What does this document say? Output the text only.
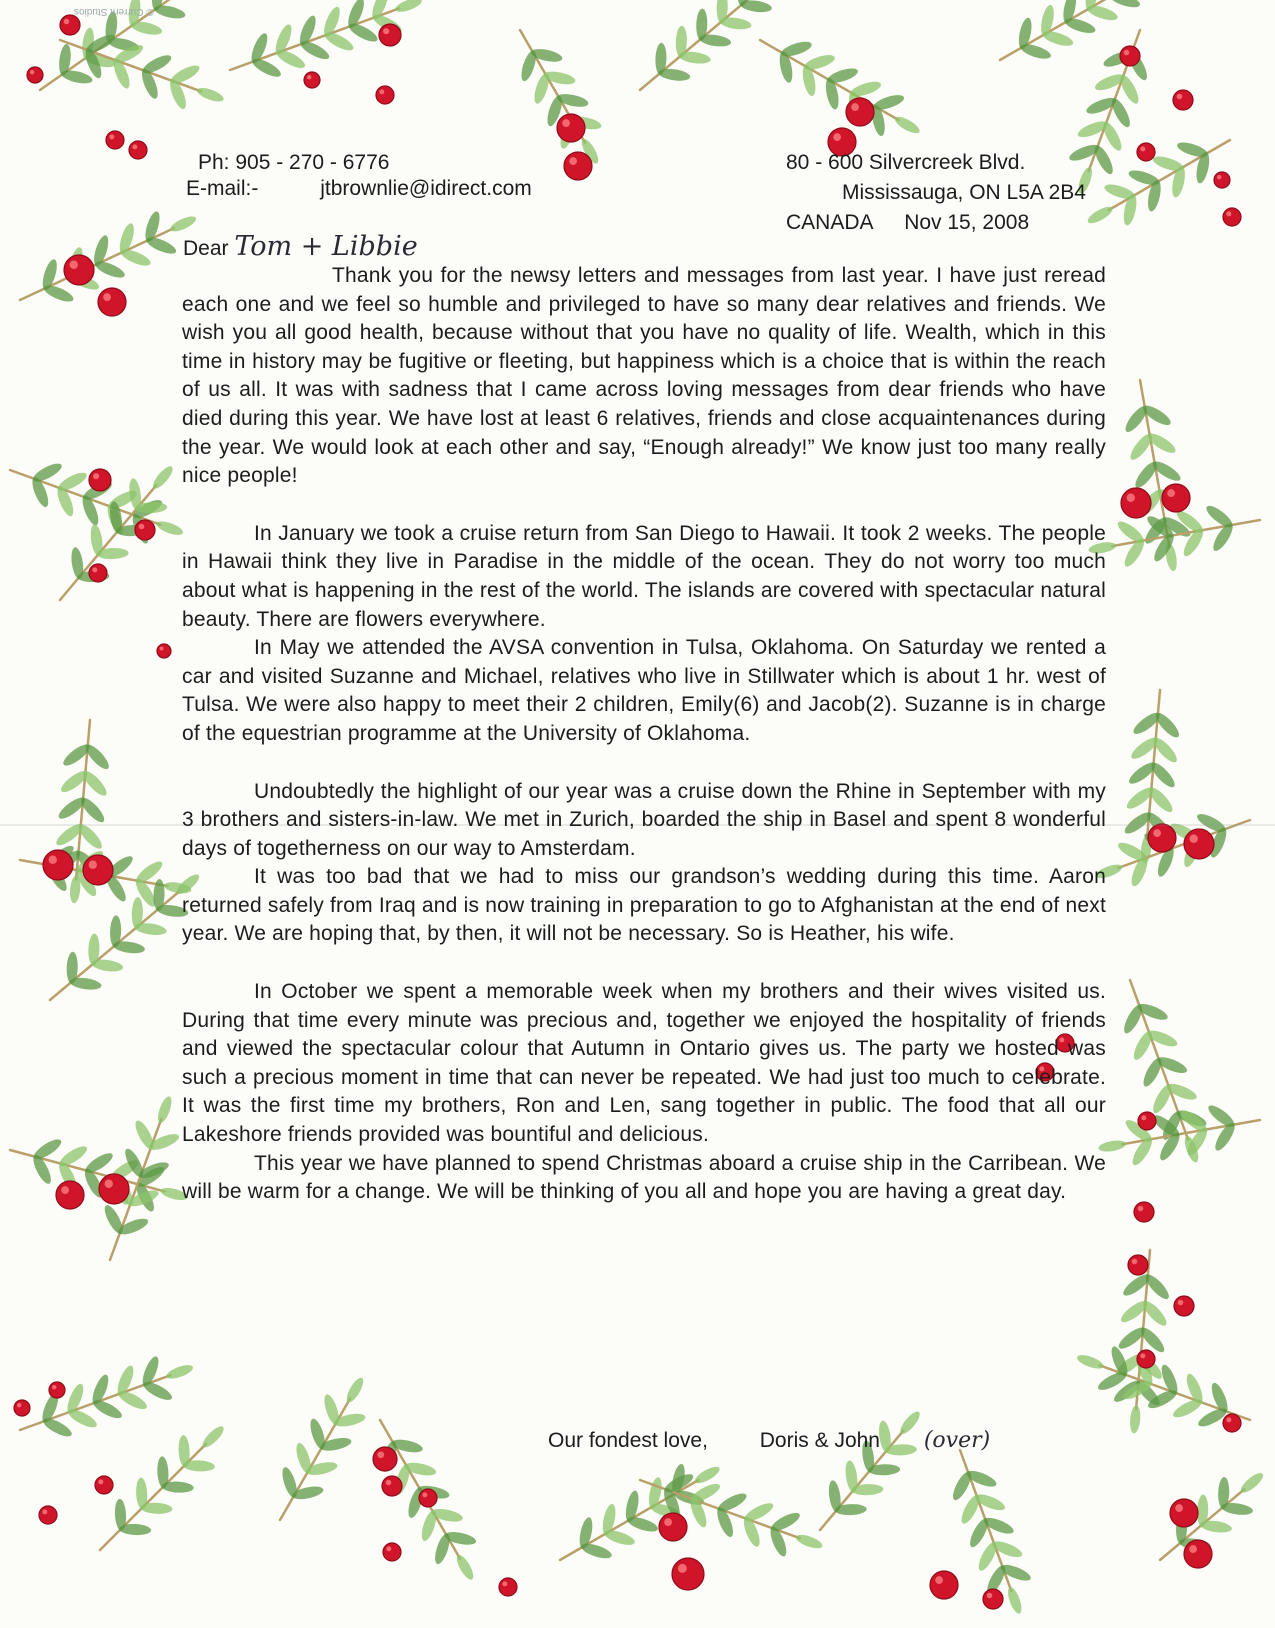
© Current Studios
Ph: 905 - 270 - 6776
E-mail:-	jtbrownlie@idirect.com
80 - 600 Silvercreek Blvd.
Mississauga, ON L5A 2B4
CANADA Nov 15, 2008
Dear Tom + Libbie

Thank you for the newsy letters and messages from last year. I have just reread each one and we feel so humble and privileged to have so many dear relatives and friends. We wish you all good health, because without that you have no quality of life. Wealth, which in this time in history may be fugitive or fleeting, but happiness which is a choice that is within the reach of us all. It was with sadness that I came across loving messages from dear friends who have died during this year. We have lost at least 6 relatives, friends and close acquaintenances during the year. We would look at each other and say, “Enough already!” We know just too many really nice people!

In January we took a cruise return from San Diego to Hawaii. It took 2 weeks. The people in Hawaii think they live in Paradise in the middle of the ocean. They do not worry too much about what is happening in the rest of the world. The islands are covered with spectacular natural beauty. There are flowers everywhere.

In May we attended the AVSA convention in Tulsa, Oklahoma. On Saturday we rented a car and visited Suzanne and Michael, relatives who live in Stillwater which is about 1 hr. west of Tulsa. We were also happy to meet their 2 children, Emily(6) and Jacob(2). Suzanne is in charge of the equestrian programme at the University of Oklahoma.

Undoubtedly the highlight of our year was a cruise down the Rhine in September with my 3 brothers and sisters-in-law. We met in Zurich, boarded the ship in Basel and spent 8 wonderful days of togetherness on our way to Amsterdam.

It was too bad that we had to miss our grandson’s wedding during this time. Aaron returned safely from Iraq and is now training in preparation to go to Afghanistan at the end of next year. We are hoping that, by then, it will not be necessary. So is Heather, his wife.

In October we spent a memorable week when my brothers and their wives visited us. During that time every minute was precious and, together we enjoyed the hospitality of friends and viewed the spectacular colour that Autumn in Ontario gives us. The party we hosted was such a precious moment in time that can never be repeated. We had just too much to celebrate. It was the first time my brothers, Ron and Len, sang together in public. The food that all our Lakeshore friends provided was bountiful and delicious.

This year we have planned to spend Christmas aboard a cruise ship in the Carribean. We will be warm for a change. We will be thinking of you all and hope you are having a great day.

Our fondest love, Doris & John (over)
